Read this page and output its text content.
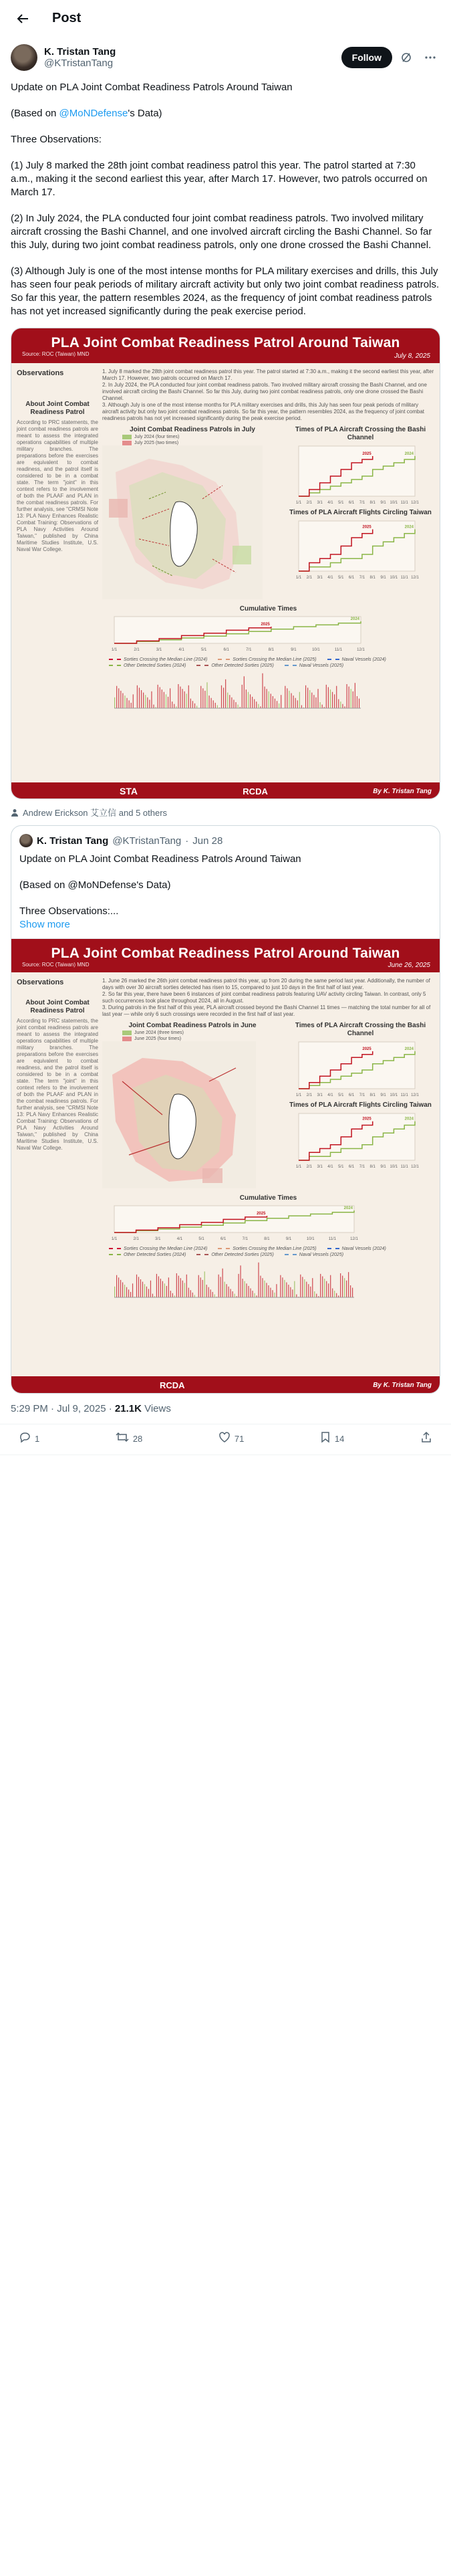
Post
K. Tristan Tang
@KTristanTang	Follow

Update on PLA Joint Combat Readiness Patrols Around Taiwan

(Based on @MoNDefense's Data)

Three Observations:

(1) July 8 marked the 28th joint combat readiness patrol this year. The patrol started at 7:30 a.m., making it the second earliest this year, after March 17. However, two patrols occurred on March 17.

(2) In July 2024, the PLA conducted four joint combat readiness patrols. Two involved military aircraft crossing the Bashi Channel, and one involved aircraft circling the Bashi Channel. So far this July, during two joint combat readiness patrols, only one drone crossed the Bashi Channel.

(3) Although July is one of the most intense months for PLA military exercises and drills, this July has seen four peak periods of military aircraft activity but only two joint combat readiness patrols. So far this year, the pattern resembles 2024, as the frequency of joint combat readiness patrols has not yet increased significantly during the peak exercise period.

PLA Joint Combat Readiness Patrol Around Taiwan
Source: ROC (Taiwan) MND	July 8, 2025
Observations
About Joint Combat Readiness Patrol
According to PRC statements, the joint combat readiness patrols are meant to assess the integrated operations capabilities of multiple military branches. The preparations before the exercises are equivalent to combat readiness, and the patrol itself is considered to be in a combat state. The term "joint" in this context refers to the involvement of both the PLAAF and PLAN in the combat readiness patrols. For further analysis, see "CRMSI Note 13: PLA Navy Enhances Realistic Combat Training: Observations of PLA Navy Activities Around Taiwan," published by China Maritime Studies Institute, U.S. Naval War College.
1. July 8 marked the 28th joint combat readiness patrol this year. The patrol started at 7:30 a.m., making it the second earliest this year, after March 17. However, two patrols occurred on March 17.
2. In July 2024, the PLA conducted four joint combat readiness patrols. Two involved military aircraft crossing the Bashi Channel, and one involved aircraft circling the Bashi Channel. So far this July, during two joint combat readiness patrols, only one drone crossed the Bashi Channel.
3. Although July is one of the most intense months for PLA military exercises and drills, this July has seen four peak periods of military aircraft activity but only two joint combat readiness patrols. So far this year, the pattern resembles 2024, as the frequency of joint combat readiness patrols has not yet increased significantly during the peak exercise period.
Joint Combat Readiness Patrols in July
July 2024 (four times)
July 2025 (two times)
Times of PLA Aircraft Crossing the Bashi Channel
1/1 2/1 3/1 4/1 5/1 6/1 7/1 8/1 9/1 10/1 11/1 12/1
2024
2025
Times of PLA Aircraft Flights Circling Taiwan
1/1 2/1 3/1 4/1 5/1 6/1 7/1 8/1 9/1 10/1 11/1 12/1
2024
2025
Cumulative Times
1/1	2/1	3/1	4/1	5/1	6/1	7/1	8/1	9/1	10/1	11/1	12/1
2024
2025
Sorties Crossing the Median Line (2024)	Sorties Crossing the Median Line (2025)	Naval Vessels (2024)
Other Detected Sorties (2024)	Other Detected Sorties (2025)	Naval Vessels (2025)
STA	RCDA	By K. Tristan Tang
Andrew Erickson 艾立信 and 5 others
K. Tristan Tang @KTristanTang · Jun 28

Update on PLA Joint Combat Readiness Patrols Around Taiwan

(Based on @MoNDefense's Data)

Three Observations:...

Show more
PLA Joint Combat Readiness Patrol Around Taiwan
Source: ROC (Taiwan) MND	June 26, 2025
Observations
About Joint Combat Readiness Patrol
According to PRC statements, the joint combat readiness patrols are meant to assess the integrated operations capabilities of multiple military branches. The preparations before the exercises are equivalent to combat readiness, and the patrol itself is considered to be in a combat state. The term "joint" in this context refers to the involvement of both the PLAAF and PLAN in the combat readiness patrols. For further analysis, see "CRMSI Note 13: PLA Navy Enhances Realistic Combat Training: Observations of PLA Navy Activities Around Taiwan," published by China Maritime Studies Institute, U.S. Naval War College.
1. June 26 marked the 26th joint combat readiness patrol this year, up from 20 during the same period last year. Additionally, the number of days with over 30 aircraft sorties detected has risen to 15, compared to just 10 days in the first half of last year.
2. So far this year, there have been 6 instances of joint combat readiness patrols featuring UAV activity circling Taiwan. In contrast, only 5 such occurrences took place throughout 2024, all in August.
3. During patrols in the first half of this year, PLA aircraft crossed beyond the Bashi Channel 11 times — matching the total number for all of last year — while only 6 such crossings were recorded in the first half of last year.
Joint Combat Readiness Patrols in June
June 2024 (three times)
June 2025 (four times)
Times of PLA Aircraft Crossing the Bashi Channel
1/1 2/1 3/1 4/1 5/1 6/1 7/1 8/1 9/1 10/1 11/1 12/1
2024
2025
Times of PLA Aircraft Flights Circling Taiwan
1/1 2/1 3/1 4/1 5/1 6/1 7/1 8/1 9/1 10/1 11/1 12/1
2024
2025
Cumulative Times
1/1	2/1	3/1	4/1	5/1	6/1	7/1	8/1	9/1	10/1	11/1	12/1
2024
2025
Sorties Crossing the Median Line (2024)	Sorties Crossing the Median Line (2025)	Naval Vessels (2024)
Other Detected Sorties (2024)	Other Detected Sorties (2025)	Naval Vessels (2025)
RCDA	By K. Tristan Tang
5:29 PM · Jul 9, 2025 · 21.1K Views
1	28	71	14
